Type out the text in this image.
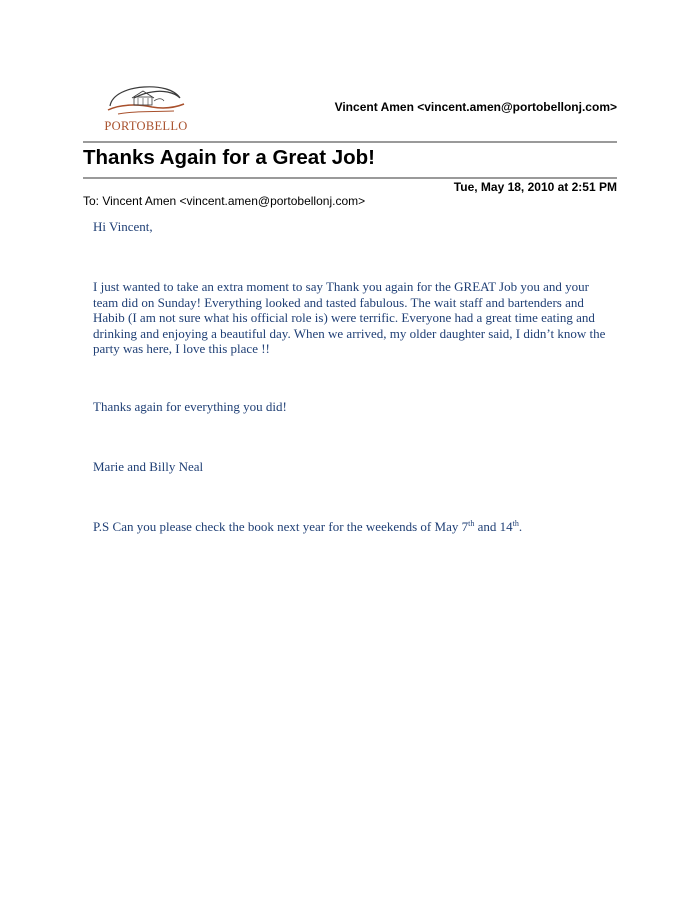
PORTOBELLO
Vincent Amen <vincent.amen@portobellonj.com>
Thanks Again for a Great Job!
Tue, May 18, 2010 at 2:51 PM
To: Vincent Amen <vincent.amen@portobellonj.com>
Hi Vincent,
I just wanted to take an extra moment to say Thank you again for the GREAT Job you and your team did on Sunday! Everything looked and tasted fabulous. The wait staff and bartenders and Habib (I am not sure what his official role is) were terrific. Everyone had a great time eating and drinking and enjoying a beautiful day. When we arrived, my older daughter said, I didn’t know the party was here, I love this place !!
Thanks again for everything you did!
Marie and Billy Neal
P.S Can you please check the book next year for the weekends of May 7th and 14th.
